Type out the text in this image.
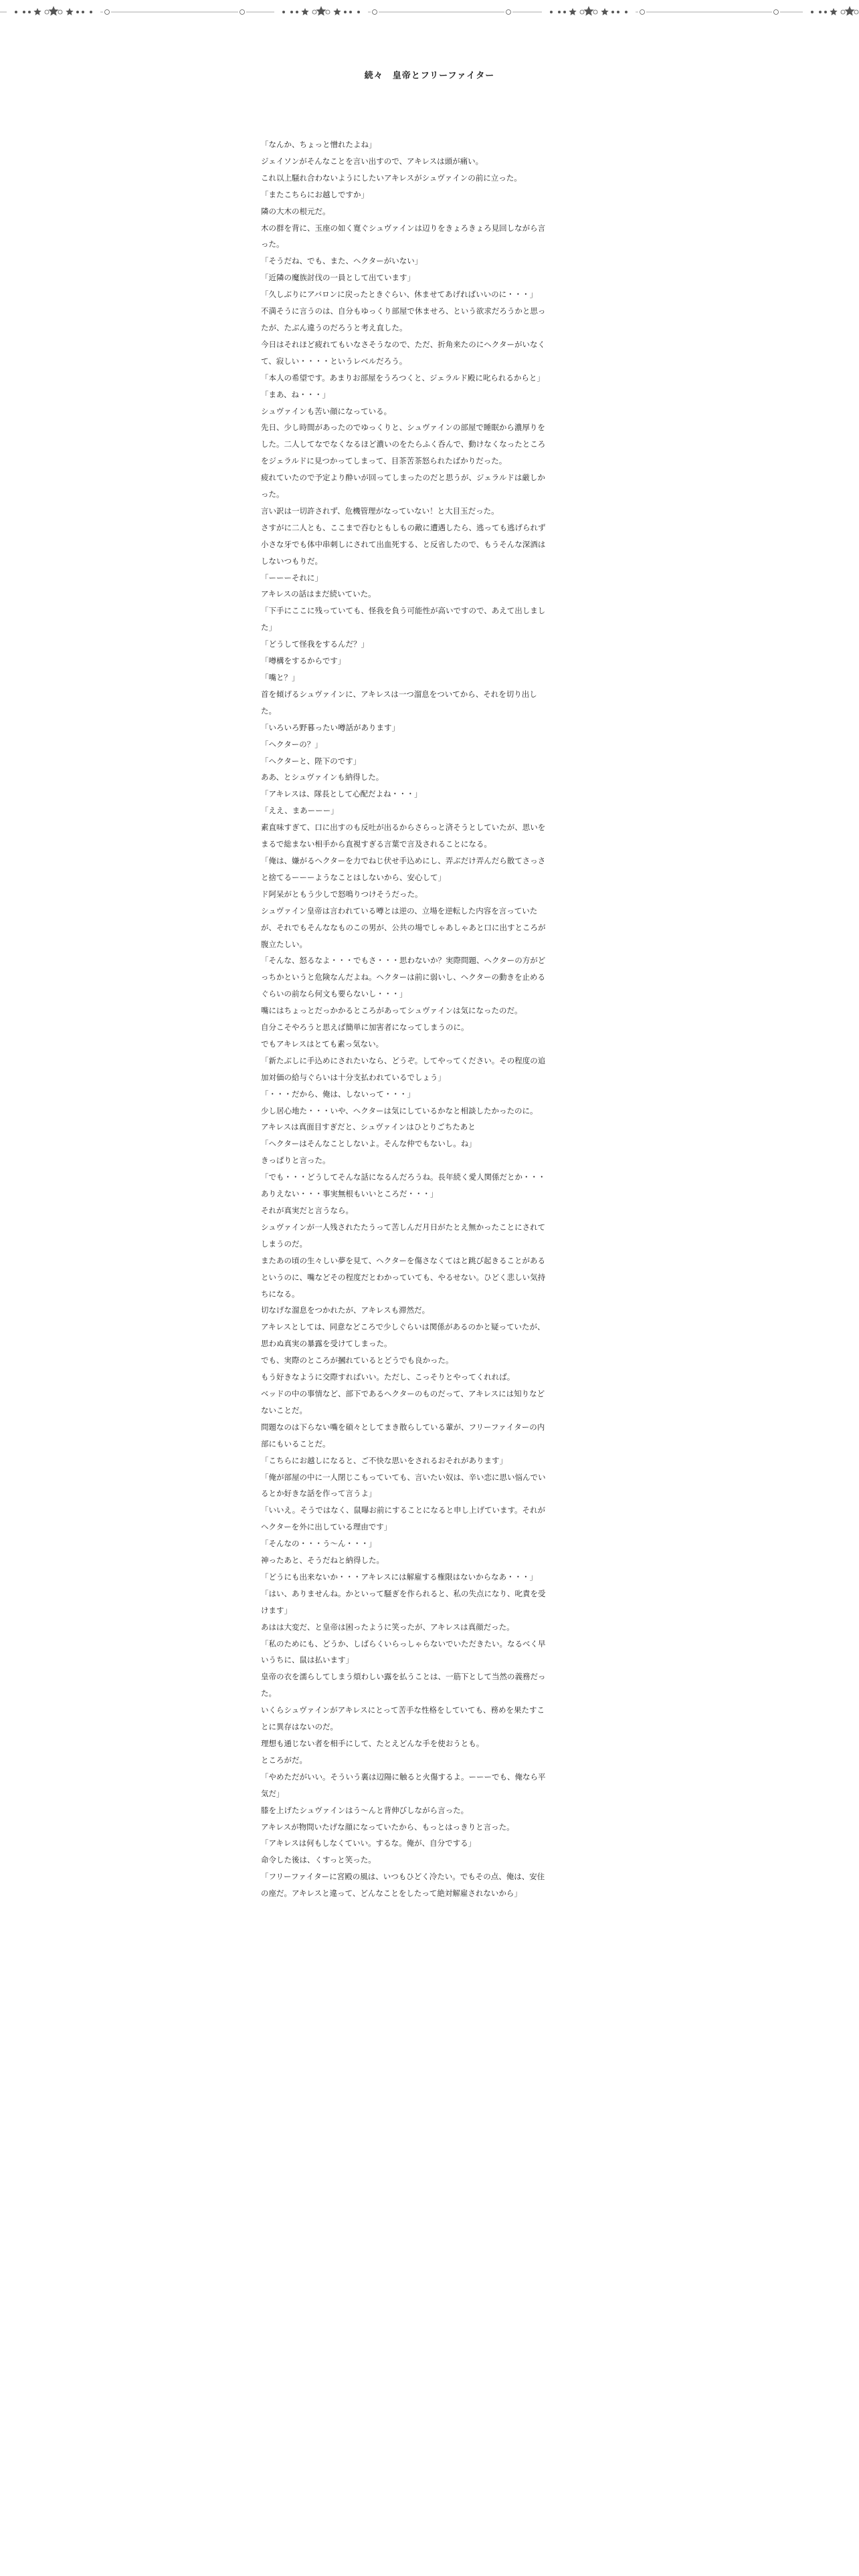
続々　皇帝とフリーファイター

「なんか、ちょっと憎れたよね」

ジェイソンがそんなことを言い出すので、アキレスは頭が痛い。

これ以上騒れ合わないようにしたいアキレスがシュヴァインの前に立った。

「またこちらにお越しですか」

隣の大木の根元だ。

木の群を背に、玉座の如く寛ぐシュヴァインは辺りをきょろきょろ見回しながら言った。

「そうだね、でも、また、ヘクターがいない」

「近隣の魔族討伐の一員として出ています」

「久しぶりにアバロンに戻ったときぐらい、休ませてあげればいいのに・・・」

不満そうに言うのは、自分もゆっくり部屋で休ませろ、という欲求だろうかと思ったが、たぶん違うのだろうと考え直した。

今日はそれほど疲れてもいなさそうなので、ただ、折角来たのにヘクターがいなくて、寂しい・・・・というレベルだろう。

「本人の希望です。あまりお部屋をうろつくと、ジェラルド殿に叱られるからと」

「まあ、ね・・・」

シュヴァインも苦い顔になっている。

先日、少し時間があったのでゆっくりと、シュヴァインの部屋で睡眠から濃厚りをした。二人してなでなくなるほど濃いのをたらふく呑んで、動けなくなったところをジェラルドに見つかってしまって、目茶苦茶怒られたばかりだった。

疲れていたので予定より酔いが回ってしまったのだと思うが、ジェラルドは厳しかった。

言い訳は一切許されず、危機管理がなっていない！と大目玉だった。

さすがに二人とも、ここまで吞むともしもの敵に遭遇したら、逃っても逃げられず小さな牙でも体中串刺しにされて出血死する、と反省したので、もうそんな深酒はしないつもりだ。

「ーーーそれに」

アキレスの話はまだ続いていた。

「下手にここに残っていても、怪我を負う可能性が高いですので、あえて出しました」

「どうして怪我をするんだ？」

「噂構をするからです」

「嘴と？」

首を傾げるシュヴァインに、アキレスは一つ溜息をついてから、それを切り出した。

「いろいろ野暮ったい噂話があります」

「ヘクターの？」

「ヘクターと、陛下のです」

ああ、とシュヴァインも納得した。

「アキレスは、隊長として心配だよね・・・」

「ええ、まあーーー」

素直味すぎて、口に出すのも反吐が出るからさらっと済そうとしていたが、思いをまるで総まない相手から直視すぎる言葉で言及されることになる。

「俺は、嫌がるヘクターを力でねじ伏せ手込めにし、弄ぶだけ弄んだら散てさっさと捨てるーーーようなことはしないから、安心して」

ド阿呆がともう少しで怒鳴りつけそうだった。

シュヴァイン皇帝は言われている噂とは逆の、立場を逆転した内容を言っていたが、それでもそんななものこの男が、公共の場でしゃあしゃあと口に出すところが腹立たしい。

「そんな、怒るなよ・・・でもさ・・・思わないか？実際問題、ヘクターの方がどっちかというと危険なんだよね。ヘクターは前に弱いし、ヘクターの動きを止めるぐらいの前なら何文も要らないし・・・」

嘴にはちょっとだっかかるところがあってシュヴァインは気になったのだ。

自分こそやろうと思えば簡単に加害者になってしまうのに。

でもアキレスはとても素っ気ない。

「新たぶしに手込めにされたいなら、どうぞ。してやってください。その程度の追加対価の給与ぐらいは十分支払われているでしょう」

「・・・だから、俺は、しないって・・・」

少し居心地た・・・いや、ヘクターは気にしているかなと相談したかったのに。

アキレスは真面目すぎだと、シュヴァインはひとりごちたあと

「ヘクターはそんなことしないよ。そんな仲でもないし。ね」

きっぱりと言った。

「でも・・・どうしてそんな話になるんだろうね。長年続く愛人関係だとか・・・ありえない・・・事実無根もいいところだ・・・」

それが真実だと言うなら。

シュヴァインが一人残されたたうって苦しんだ月日がたとえ無かったことにされてしまうのだ。

またあの頃の生々しい夢を見て、ヘクターを傷さなくてはと跳び起きることがあるというのに、嘴などその程度だとわかっていても、やるせない。ひどく悲しい気持ちになる。

切なげな溜息をつかれたが、アキレスも滞然だ。

アキレスとしては、同意などころで少しぐらいは関係があるのかと疑っていたが、思わぬ真実の暴露を受けてしまった。

でも、実際のところが摑れているとどうでも良かった。

もう好きなように交際すればいい。ただし、こっそりとやってくれれば。

ベッドの中の事情など、部下であるヘクターのものだって、アキレスには知りなどないことだ。

問題なのは下らない嘴を碩々としてまき散らしている輩が、フリーファイターの内部にもいることだ。

「こちらにお越しになると、ご不快な思いをされるおそれがあります」

「俺が部屋の中に一人閉じこもっていても、言いたい奴は、辛い恋に思い悩んでいるとか好きな話を作って言うよ」

「いいえ。そうではなく、鼠曝お前にすることになると申し上げています。それがヘクターを外に出している理由です」

「そんなの・・・う～ん・・・」

神ったあと、そうだねと納得した。

「どうにも出来ないか・・・アキレスには解雇する権限はないからなあ・・・」

「はい、ありませんね。かといって騒ぎを作られると、私の失点になり、叱責を受けます」

あはは大変だ、と皇帝は困ったように笑ったが、アキレスは真顔だった。

「私のためにも、どうか、しばらくいらっしゃらないでいただきたい。なるべく早いうちに、鼠は払います」

皇帝の衣を濡らしてしまう煩わしい露を払うことは、一筋下として当然の義務だった。

いくらシュヴァインがアキレスにとって苦手な性格をしていても、務めを果たすことに異存はないのだ。

理想も通じない者を相手にして、たとえどんな手を使おうとも。

ところがだ。

「やめただがいい。そういう裏は辺陽に触ると火傷するよ。ーーーでも、俺なら平気だ」

膝を上げたシュヴァインはう～んと背伸びしながら言った。

アキレスが物問いたげな顔になっていたから、もっとはっきりと言った。

「アキレスは何もしなくていい。するな。俺が、自分でする」

命令した後は、くすっと笑った。

「フリーファイターに宮殿の風は、いつもひどく冷たい。でもその点、俺は、安住の座だ。アキレスと違って、どんなことをしたって絶対解雇されないから」
